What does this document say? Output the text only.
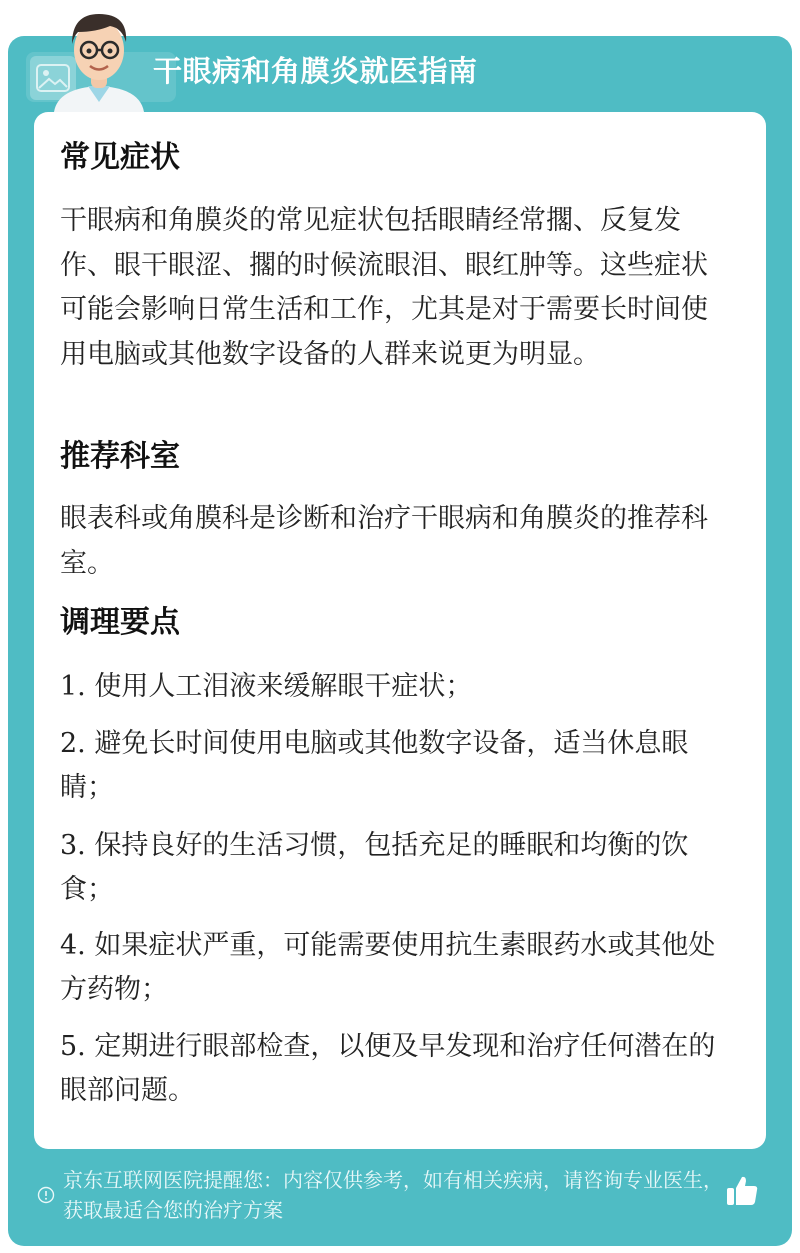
干眼病和角膜炎就医指南
常见症状
干眼病和角膜炎的常见症状包括眼睛经常擱、反复发作、眼干眼涩、擱的时候流眼泪、眼红肿等。这些症状可能会影响日常生活和工作，尤其是对于需要长时间使用电脑或其他数字设备的人群来说更为明显。
推荐科室
眼表科或角膜科是诊断和治疗干眼病和角膜炎的推荐科室。
调理要点
1. 使用人工泪液来缓解眼干症状；
2. 避免长时间使用电脑或其他数字设备，适当休息眼睛；
3. 保持良好的生活习惯，包括充足的睡眠和均衡的饮食；
4. 如果症状严重，可能需要使用抗生素眼药水或其他处方药物；
5. 定期进行眼部检查，以便及早发现和治疗任何潜在的眼部问题。
京东互联网医院提醒您：内容仅供参考，如有相关疾病，请咨询专业医生，获取最适合您的治疗方案
